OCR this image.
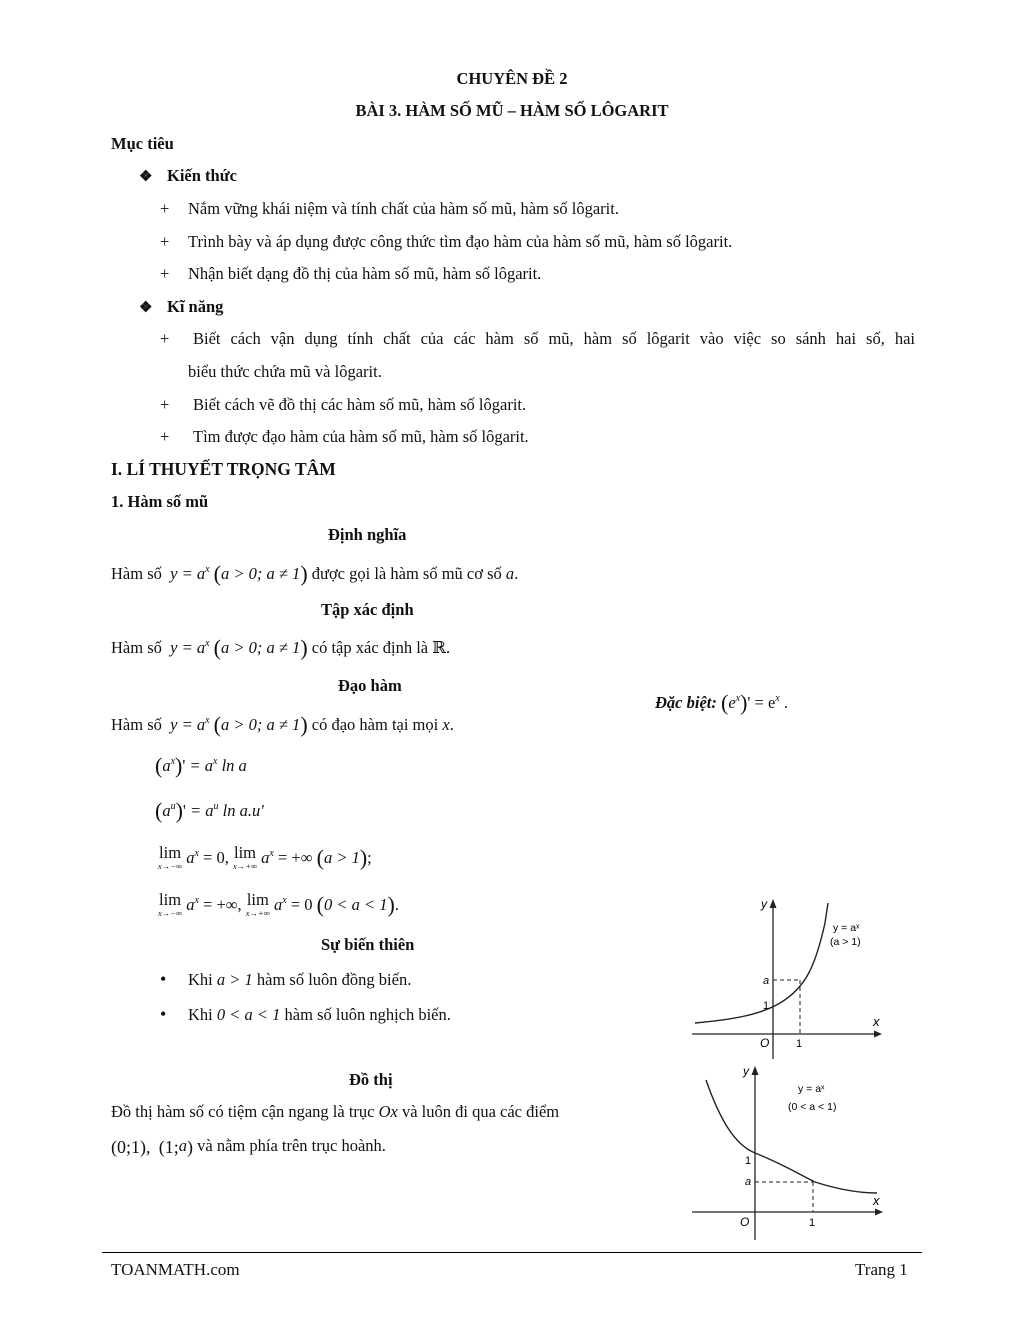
CHUYÊN ĐỀ 2
BÀI 3. HÀM SỐ MŨ – HÀM SỐ LÔGARIT
Mục tiêu
❖ Kiến thức
+ Nắm vững khái niệm và tính chất của hàm số mũ, hàm số lôgarit.
+ Trình bày và áp dụng được công thức tìm đạo hàm của hàm số mũ, hàm số lôgarit.
+ Nhận biết dạng đồ thị của hàm số mũ, hàm số lôgarit.
❖ Kĩ năng
+ Biết cách vận dụng tính chất của các hàm số mũ, hàm số lôgarit vào việc so sánh hai số, hai
biểu thức chứa mũ và lôgarit.
+ Biết cách vẽ đồ thị các hàm số mũ, hàm số lôgarit.
+ Tìm được đạo hàm của hàm số mũ, hàm số lôgarit.
I. LÍ THUYẾT TRỌNG TÂM
1. Hàm số mũ
Định nghĩa
Hàm số $y = a^x$ (a > 0; a ≠ 1) được gọi là hàm số mũ cơ số a.
Tập xác định
Hàm số $y = a^x$ (a > 0; a ≠ 1) có tập xác định là ℝ.
Đạo hàm
Đặc biệt: $(e^x)' = e^x$ .
Hàm số $y = a^x$ (a > 0; a ≠ 1) có đạo hàm tại mọi x.
$(a^x)' = a^x$ ln a
$(a^u)' = a^u$ ln a.u'
lim
x→−∞ $a^x = 0$, lim
x→+∞ $a^x$ = +∞ (a > 1);
lim
x→−∞ $a^x$ = +∞, lim
x→+∞ $a^x = 0$ (0 < a < 1).
Sự biến thiên
• Khi a > 1 hàm số luôn đồng biến.
• Khi 0 < a < 1 hàm số luôn nghịch biến.
Đồ thị
Đồ thị hàm số có tiệm cận ngang là trục Ox và luôn đi qua các điểm
(0;1), (1;a) và nằm phía trên trục hoành.
y
x
O 1
1
a
y = aˣ
(a > 1)
y
x
O	1
1
a
y = aˣ
(0 < a < 1)
TOANMATH.com	Trang 1
